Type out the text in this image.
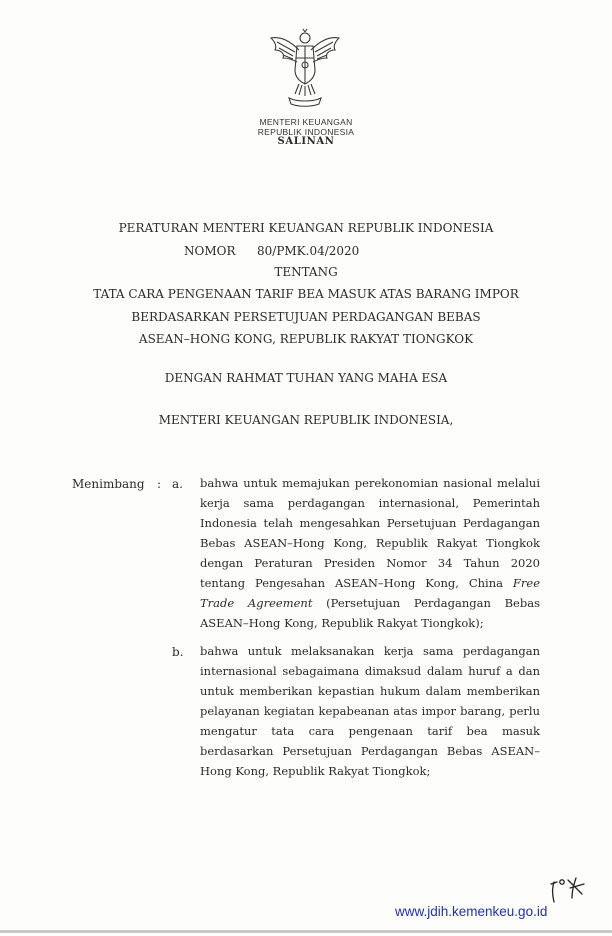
MENTERI KEUANGAN
REPUBLIK INDONESIA
SALINAN
PERATURAN MENTERI KEUANGAN REPUBLIK INDONESIA
NOMOR 80/PMK.04/2020
TENTANG
TATA CARA PENGENAAN TARIF BEA MASUK ATAS BARANG IMPOR
BERDASARKAN PERSETUJUAN PERDAGANGAN BEBAS
ASEAN–HONG KONG, REPUBLIK RAKYAT TIONGKOK
DENGAN RAHMAT TUHAN YANG MAHA ESA
MENTERI KEUANGAN REPUBLIK INDONESIA,
Menimbang : a. bahwa untuk memajukan perekonomian nasional melalui kerja sama perdagangan internasional, Pemerintah Indonesia telah mengesahkan Persetujuan Perdagangan Bebas ASEAN–Hong Kong, Republik Rakyat Tiongkok dengan Peraturan Presiden Nomor 34 Tahun 2020 tentang Pengesahan ASEAN–Hong Kong, China Free Trade Agreement (Persetujuan Perdagangan Bebas ASEAN–Hong Kong, Republik Rakyat Tiongkok);
b. bahwa untuk melaksanakan kerja sama perdagangan internasional sebagaimana dimaksud dalam huruf a dan untuk memberikan kepastian hukum dalam memberikan pelayanan kegiatan kepabeanan atas impor barang, perlu mengatur tata cara pengenaan tarif bea masuk berdasarkan Persetujuan Perdagangan Bebas ASEAN–Hong Kong, Republik Rakyat Tiongkok;
www.jdih.kemenkeu.go.id
